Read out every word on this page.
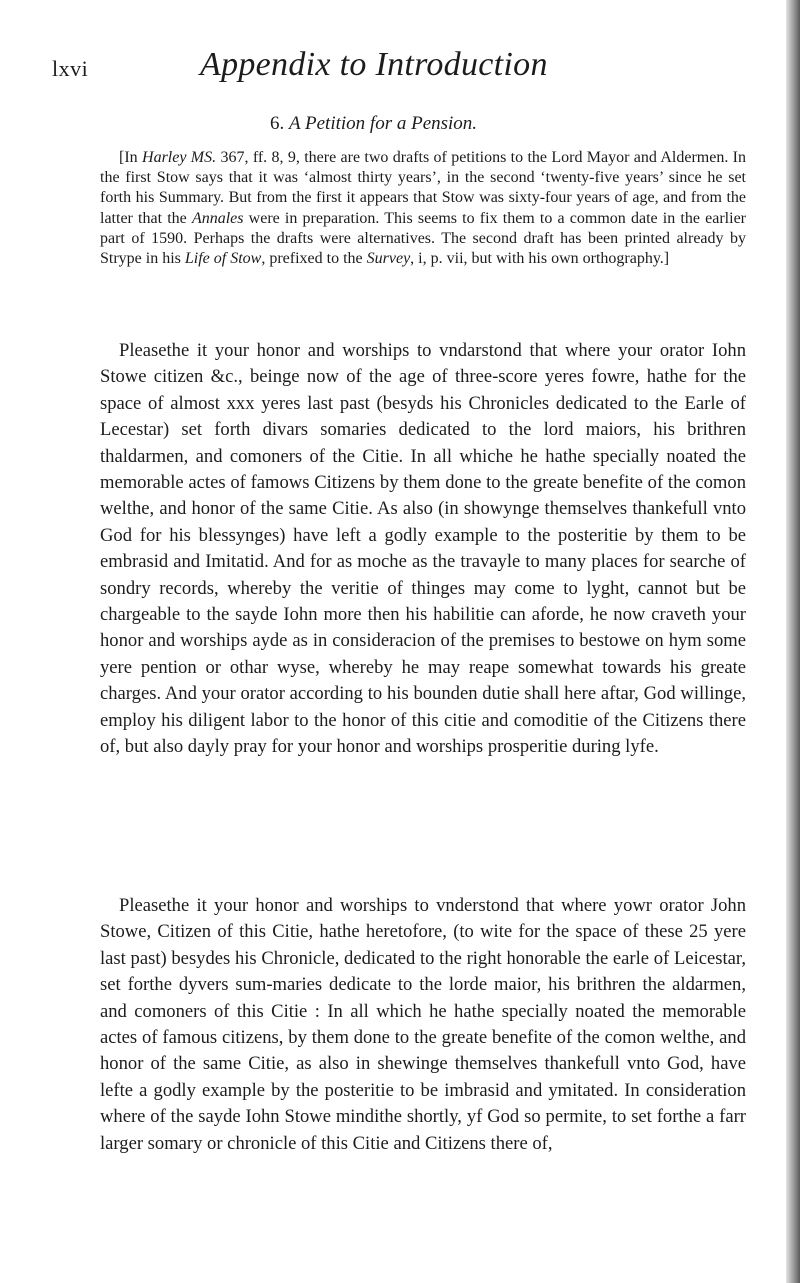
lxvi	Appendix to Introduction
6. A Petition for a Pension.

[In Harley MS. 367, ff. 8, 9, there are two drafts of petitions to the Lord Mayor and Aldermen. In the first Stow says that it was ‘almost thirty years’, in the second ‘twenty-five years’ since he set forth his Summary. But from the first it appears that Stow was sixty-four years of age, and from the latter that the Annales were in preparation. This seems to fix them to a common date in the earlier part of 1590. Perhaps the drafts were alternatives. The second draft has been printed already by Strype in his Life of Stow, prefixed to the Survey, i, p. vii, but with his own orthography.]

Pleasethe it your honor and worships to vndarstond that where your orator Iohn Stowe citizen &c., beinge now of the age of three-score yeres fowre, hathe for the space of almost xxx yeres last past (besyds his Chronicles dedicated to the Earle of Lecestar) set forth divars somaries dedicated to the lord maiors, his brithren thaldarmen, and comoners of the Citie. In all whiche he hathe specially noated the memorable actes of famows Citizens by them done to the greate benefite of the comon welthe, and honor of the same Citie. As also (in showynge themselves thankefull vnto God for his blessynges) have left a godly example to the posteritie by them to be embrasid and Imitatid. And for as moche as the travayle to many places for searche of sondry records, whereby the veritie of thinges may come to lyght, cannot but be chargeable to the sayde Iohn more then his habilitie can aforde, he now craveth your honor and worships ayde as in consideracion of the premises to bestowe on hym some yere pention or othar wyse, whereby he may reape somewhat towards his greate charges. And your orator according to his bounden dutie shall here aftar, God willinge, employ his diligent labor to the honor of this citie and comoditie of the Citizens there of, but also dayly pray for your honor and worships prosperitie during lyfe.

Pleasethe it your honor and worships to vnderstond that where yowr orator John Stowe, Citizen of this Citie, hathe heretofore, (to wite for the space of these 25 yere last past) besydes his Chronicle, dedicated to the right honorable the earle of Leicestar, set forthe dyvers sum-maries dedicate to the lorde maior, his brithren the aldarmen, and comoners of this Citie : In all which he hathe specially noated the memorable actes of famous citizens, by them done to the greate benefite of the comon welthe, and honor of the same Citie, as also in shewinge themselves thankefull vnto God, have lefte a godly example by the posteritie to be imbrasid and ymitated. In consideration where of the sayde Iohn Stowe mindithe shortly, yf God so permite, to set forthe a farr larger somary or chronicle of this Citie and Citizens there of,
